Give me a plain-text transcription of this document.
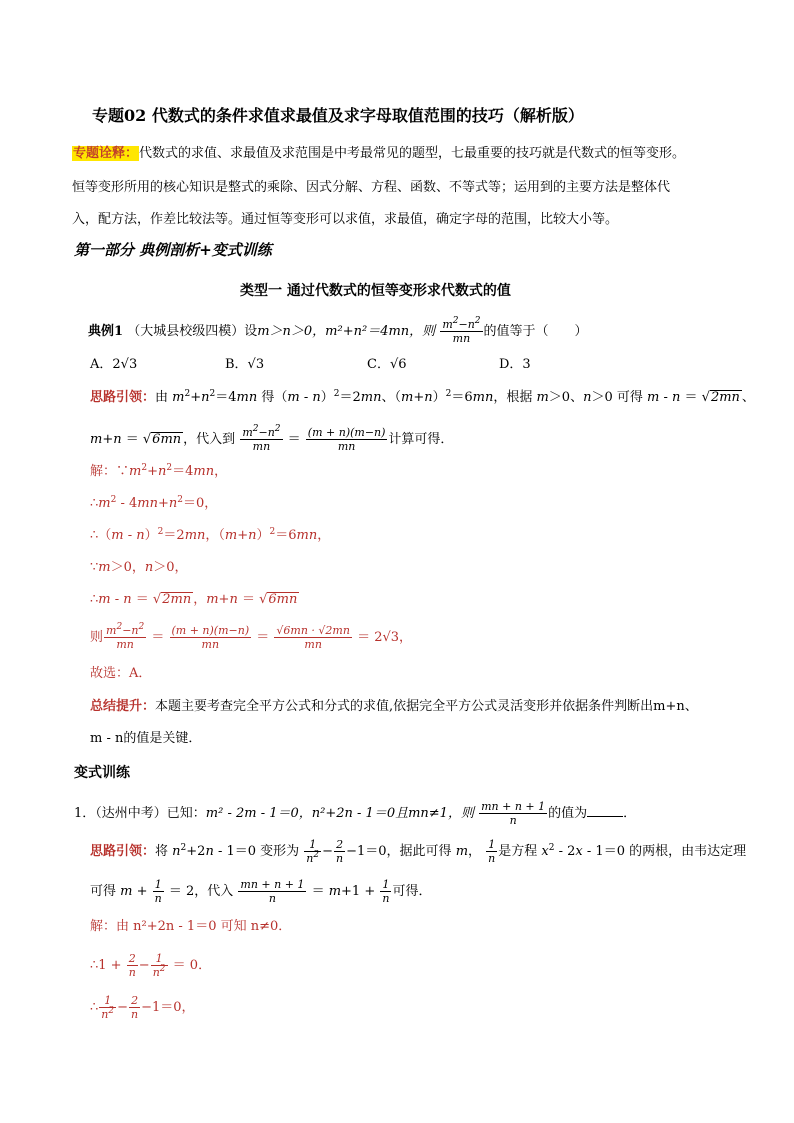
专题02 代数式的条件求值求最值及求字母取值范围的技巧（解析版）
专题诠释：代数式的求值、求最值及求范围是中考最常见的题型，七最重要的技巧就是代数式的恒等变形。
恒等变形所用的核心知识是整式的乘除、因式分解、方程、函数、不等式等；运用到的主要方法是整体代
入，配方法，作差比较法等。通过恒等变形可以求值，求最值，确定字母的范围，比较大小等。
第一部分 典例剖析+变式训练
类型一 通过代数式的恒等变形求代数式的值
典例1 （大城县校级四模）设m＞n＞0，m²+n²＝4mn，则 $\frac{m^2-n^2}{mn}$ 的值等于（　　）
A．2√3	B．√3	C．√6	D．3
思路引领：由 $m^2+n^2=4mn$ 得（m - n）$^2$＝2mn、$(m+n)^2=6mn$，根据 m＞0、n＞0 可得 m - n ＝ √2mn 、
m+n ＝ √6mn ，代入到 $\frac{m^2-n^2}{mn} = \frac{(m + n)(m-n)}{mn}$ 计算可得．
解：$\because m^2+n^2=4mn$，
$\therefore m^2 - 4mn+n^2=0$，
∴（m - n）$^2$＝2mn，$(m+n)^2=6mn$，
∵m＞0，n＞0，
∴m - n ＝ √2mn ，m+n ＝ √6mn
则 $\frac{m^2-n^2}{mn} = \frac{(m + n)(m-n)}{mn} = \frac{√6mn \cdot √2mn}{mn} = 2√3$，
故选：A．
总结提升：本题主要考查完全平方公式和分式的求值,依据完全平方公式灵活变形并依据条件判断出m+n、
m - n的值是关键．
变式训练
1．（达州中考）已知：m² - 2m - 1＝0，n²+2n - 1＝0且mn≠1，则 $\frac{mn + n + 1}{n}$ 的值为	．
思路引领：将 $n^2+2n - 1=0$ 变形为 $\frac{1}{n^2} - \frac{2}{n} -1=0$，据此可得 m， $\frac{1}{n}$ 是方程 $x^2 - 2x - 1=0$ 的两根，由韦达定理
可得 $m + \frac{1}{n} = 2$，代入 $\frac{mn + n + 1}{n} = m+1 + \frac{1}{n}$ 可得．
解：由 n²+2n - 1＝0 可知 n≠0．
∴1 + $\frac{2}{n} - \frac{1}{n^2} = 0$．
∴ $\frac{1}{n^2} - \frac{2}{n} -1=0$，
